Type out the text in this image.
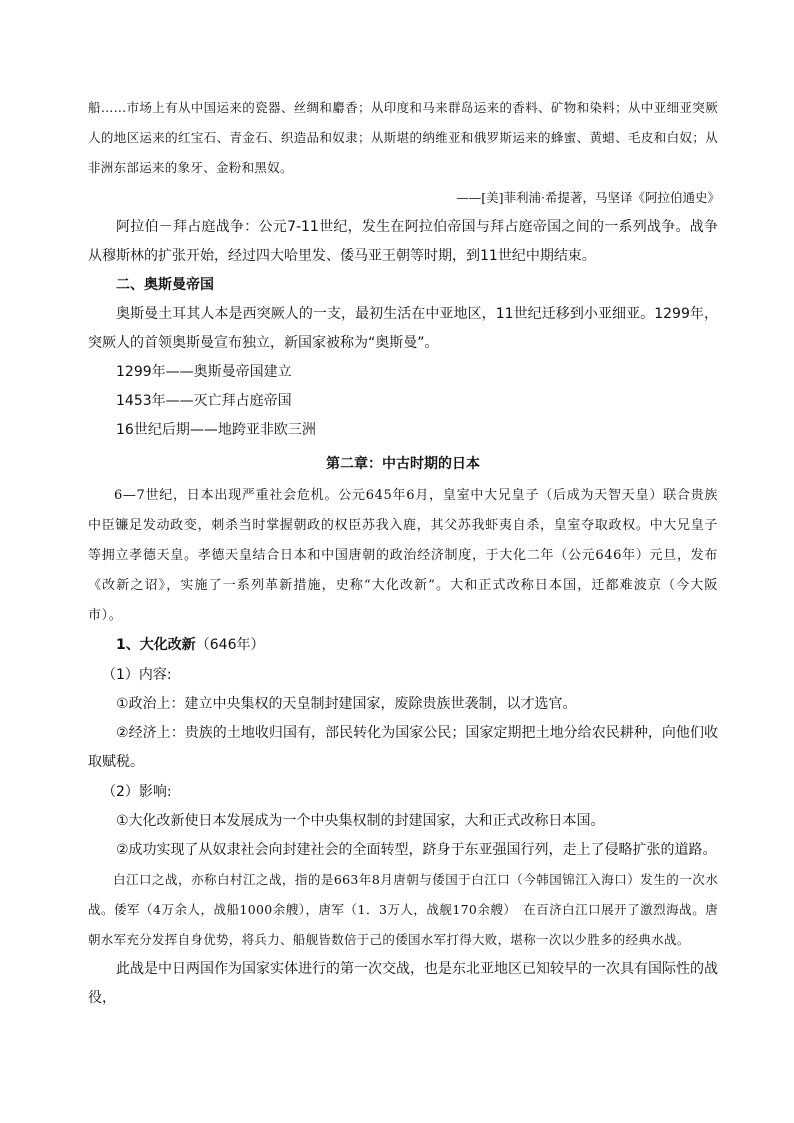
船……市场上有从中国运来的瓷器、丝绸和麝香；从印度和马来群岛运来的香料、矿物和染料；从中亚细亚突厥人的地区运来的红宝石、青金石、织造品和奴隶；从斯堪的纳维亚和俄罗斯运来的蜂蜜、黄蜡、毛皮和白奴；从非洲东部运来的象牙、金粉和黑奴。

——[美]菲利浦·希提著，马坚译《阿拉伯通史》

阿拉伯－拜占庭战争：公元7-11世纪，发生在阿拉伯帝国与拜占庭帝国之间的一系列战争。战争从穆斯林的扩张开始，经过四大哈里发、倭马亚王朝等时期，到11世纪中期结束。

二、奥斯曼帝国

奥斯曼土耳其人本是西突厥人的一支，最初生活在中亚地区，11世纪迁移到小亚细亚。1299年，突厥人的首领奥斯曼宣布独立，新国家被称为“奥斯曼”。

1299年——奥斯曼帝国建立

1453年——灭亡拜占庭帝国

16世纪后期——地跨亚非欧三洲

第二章：中古时期的日本

6—7世纪，日本出现严重社会危机。公元645年6月，皇室中大兄皇子（后成为天智天皇）联合贵族中臣镰足发动政变，刺杀当时掌握朝政的权臣苏我入鹿，其父苏我虾夷自杀，皇室夺取政权。中大兄皇子等拥立孝德天皇。孝德天皇结合日本和中国唐朝的政治经济制度，于大化二年（公元646年）元旦，发布《改新之诏》，实施了一系列革新措施，史称“大化改新”。大和正式改称日本国，迁都难波京（今大阪市）。

1、大化改新（646年）

（1）内容:

①政治上：建立中央集权的天皇制封建国家，废除贵族世袭制，以才选官。

②经济上：贵族的土地收归国有，部民转化为国家公民；国家定期把土地分给农民耕种，向他们收取赋税。

（2）影响:

①大化改新使日本发展成为一个中央集权制的封建国家，大和正式改称日本国。

②成功实现了从奴隶社会向封建社会的全面转型，跻身于东亚强国行列，走上了侵略扩张的道路。

白江口之战，亦称白村江之战，指的是663年8月唐朝与倭国于白江口（今韩国锦江入海口）发生的一次水战。倭军（4万余人，战船1000余艘），唐军（1．3万人，战舰170余艘）　在百济白江口展开了激烈海战。唐朝水军充分发挥自身优势，将兵力、船舰皆数倍于己的倭国水军打得大败，堪称一次以少胜多的经典水战。

此战是中日两国作为国家实体进行的第一次交战，也是东北亚地区已知较早的一次具有国际性的战役，
